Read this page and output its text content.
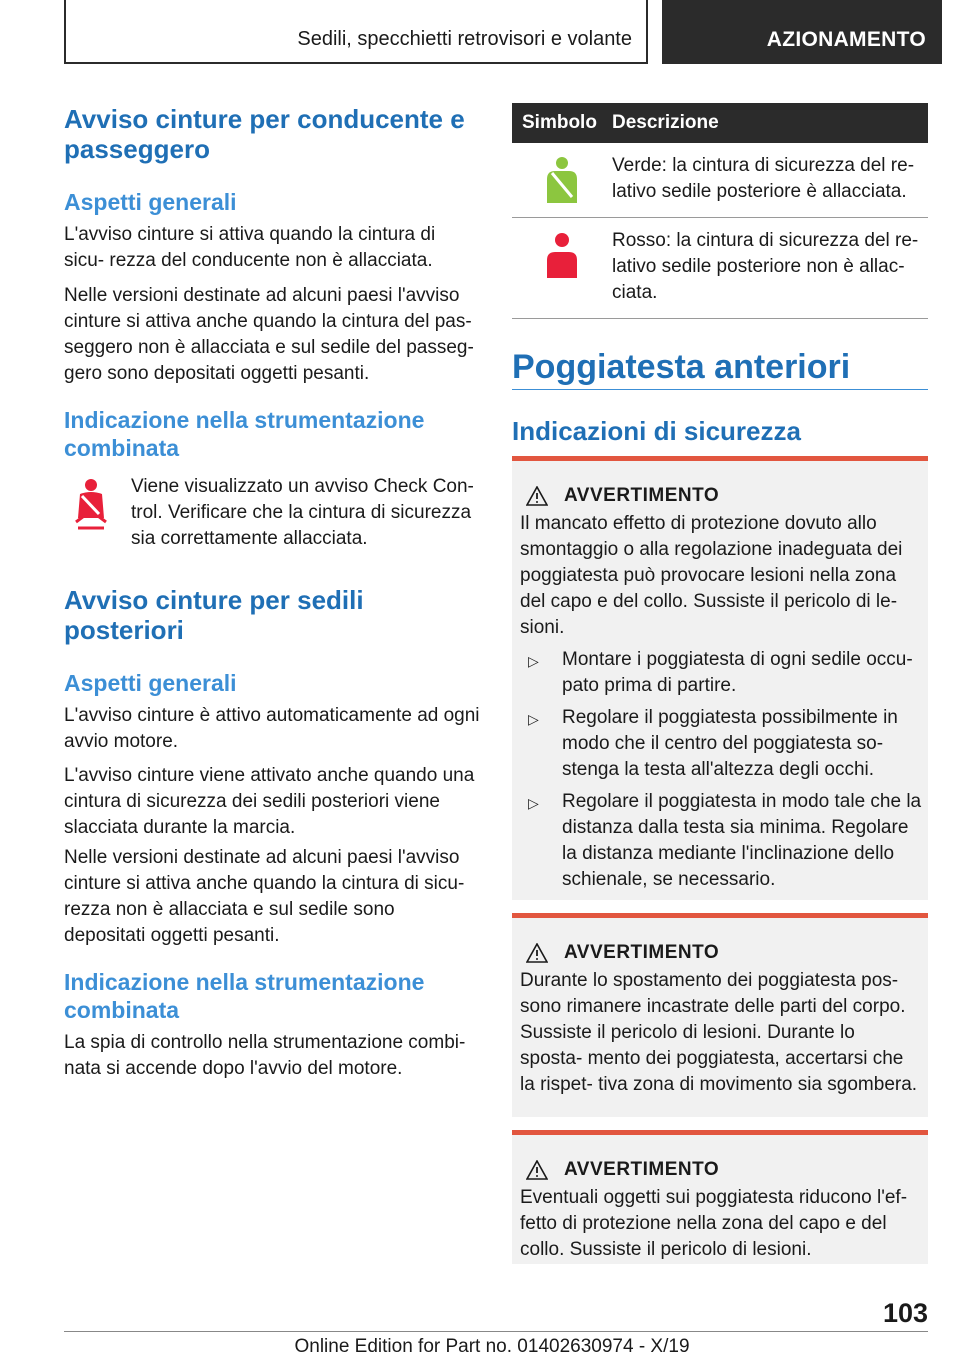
Sedili, specchietti retrovisori e volante	AZIONAMENTO
Avviso cinture per conducente e passeggero
Aspetti generali
L'avviso cinture si attiva quando la cintura di sicu- rezza del conducente non è allacciata.
Nelle versioni destinate ad alcuni paesi l'avviso cinture si attiva anche quando la cintura del pas- seggero non è allacciata e sul sedile del passeg- gero sono depositati oggetti pesanti.
Indicazione nella strumentazione combinata
Viene visualizzato un avviso Check Con- trol. Verificare che la cintura di sicurezza sia correttamente allacciata.
Avviso cinture per sedili posteriori
Aspetti generali
L'avviso cinture è attivo automaticamente ad ogni avvio motore.
L'avviso cinture viene attivato anche quando una cintura di sicurezza dei sedili posteriori viene slacciata durante la marcia.
Nelle versioni destinate ad alcuni paesi l'avviso cinture si attiva anche quando la cintura di sicu- rezza non è allacciata e sul sedile sono depositati oggetti pesanti.
Indicazione nella strumentazione combinata
La spia di controllo nella strumentazione combi- nata si accende dopo l'avvio del motore.
Simbolo Descrizione
Verde: la cintura di sicurezza del re- lativo sedile posteriore è allacciata.
Rosso: la cintura di sicurezza del re- lativo sedile posteriore non è allac- ciata.
Poggiatesta anteriori
Indicazioni di sicurezza
AVVERTIMENTO
Il mancato effetto di protezione dovuto allo smontaggio o alla regolazione inadeguata dei poggiatesta può provocare lesioni nella zona del capo e del collo. Sussiste il pericolo di le- sioni.
▷	Montare i poggiatesta di ogni sedile occu- pato prima di partire.
▷	Regolare il poggiatesta possibilmente in modo che il centro del poggiatesta so- stenga la testa all'altezza degli occhi.
▷	Regolare il poggiatesta in modo tale che la distanza dalla testa sia minima. Regolare la distanza mediante l'inclinazione dello schienale, se necessario.
AVVERTIMENTO
Durante lo spostamento dei poggiatesta pos- sono rimanere incastrate delle parti del corpo. Sussiste il pericolo di lesioni. Durante lo sposta- mento dei poggiatesta, accertarsi che la rispet- tiva zona di movimento sia sgombera.
AVVERTIMENTO
Eventuali oggetti sui poggiatesta riducono l'ef- fetto di protezione nella zona del capo e del collo. Sussiste il pericolo di lesioni.
103
Online Edition for Part no. 01402630974 - X/19
